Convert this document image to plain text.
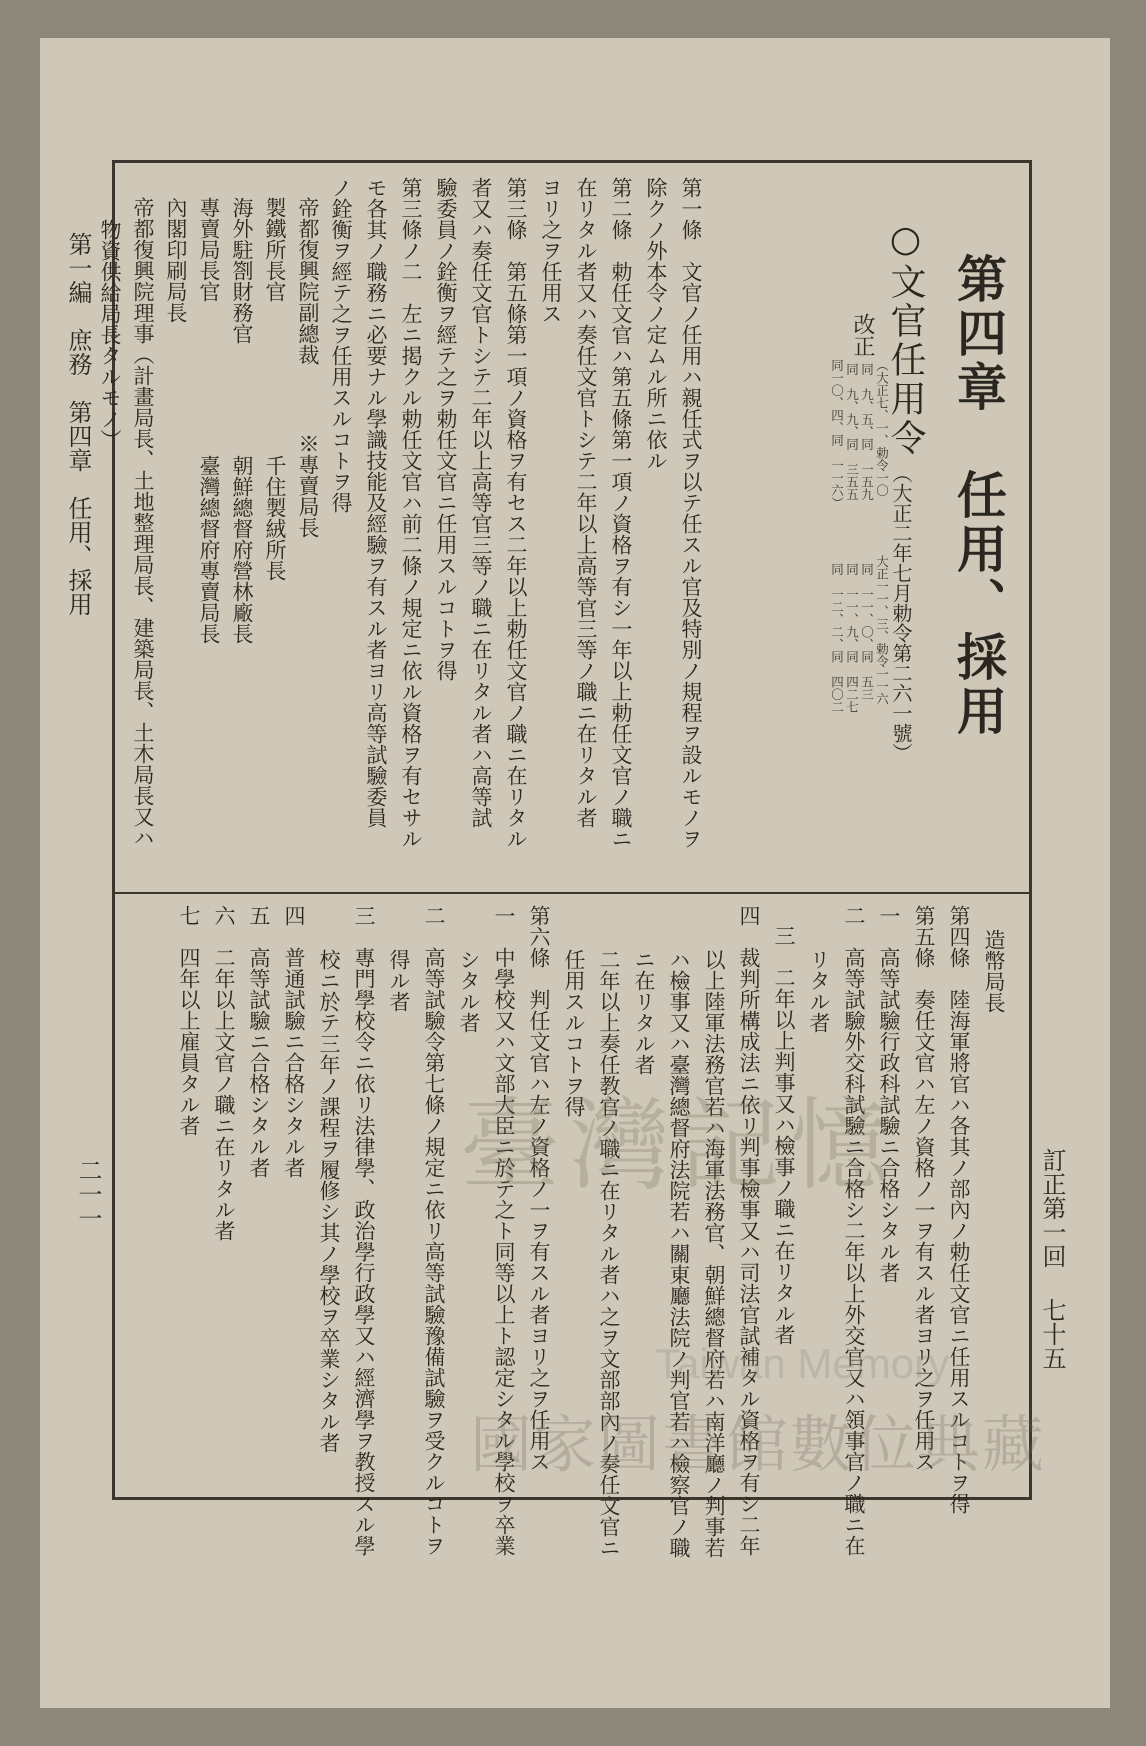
第一編　庶務　第四章　任用、採用
二一一	訂正第一回
七十五
第四章　任用、採用
○文官任用令
（大正二年七月勅令第二六一號）
改正
（大正七、一、勅令一〇
同　九、五、同　一五九
同　九、九、同　三五五
同一〇、四、同　一一六）
大正一一、三、勅令一一六
同　一一、〇、同　五三
同　一一、九、同　四二七
同　一二、二、同　四〇二
第一條　文官ノ任用ハ親任式ヲ以テ任スル官及特別ノ規程ヲ設ルモノヲ
除クノ外本令ノ定ムル所ニ依ル
第二條　勅任文官ハ第五條第一項ノ資格ヲ有シ一年以上勅任文官ノ職ニ
在リタル者又ハ奏任文官トシテ二年以上高等官三等ノ職ニ在リタル者
ヨリ之ヲ任用ス
第三條　第五條第一項ノ資格ヲ有セス二年以上勅任文官ノ職ニ在リタル
者又ハ奏任文官トシテ二年以上高等官三等ノ職ニ在リタル者ハ高等試
驗委員ノ銓衡ヲ經テ之ヲ勅任文官ニ任用スルコトヲ得
第三條ノ二　左ニ掲クル勅任文官ハ前二條ノ規定ニ依ル資格ヲ有セサル
モ各其ノ職務ニ必要ナル學識技能及經驗ヲ有スル者ヨリ高等試驗委員
ノ銓衡ヲ經テ之ヲ任用スルコトヲ得
帝都復興院副總裁
製鐵所長官
海外駐劄財務官
專賣局長官
內閣印刷局長
帝都復興院理事（計畫局長、土地整理局長、建築局長、土木局長又ハ
物資供給局長タルモノ）
※專賣局長
千住製絨所長
朝鮮總督府營林廠長
臺灣總督府專賣局長
造幣局長
第四條　陸海軍將官ハ各其ノ部內ノ勅任文官ニ任用スルコトヲ得
第五條　奏任文官ハ左ノ資格ノ一ヲ有スル者ヨリ之ヲ任用ス
一　高等試驗行政科試驗ニ合格シタル者
二　高等試驗外交科試驗ニ合格シ二年以上外交官又ハ領事官ノ職ニ在
リタル者
三　二年以上判事又ハ檢事ノ職ニ在リタル者
四　裁判所構成法ニ依リ判事檢事又ハ司法官試補タル資格ヲ有シ二年
以上陸軍法務官若ハ海軍法務官、朝鮮總督府若ハ南洋廳ノ判事若
ハ檢事又ハ臺灣總督府法院若ハ關東廳法院ノ判官若ハ檢察官ノ職
ニ在リタル者
二年以上奏任教官ノ職ニ在リタル者ハ之ヲ文部部內ノ奏任文官ニ
任用スルコトヲ得
第六條　判任文官ハ左ノ資格ノ一ヲ有スル者ヨリ之ヲ任用ス
一　中學校又ハ文部大臣ニ於テ之ト同等以上ト認定シタル學校ヲ卒業
シタル者
二　高等試驗令第七條ノ規定ニ依リ高等試驗豫備試驗ヲ受クルコトヲ
得ル者
三　專門學校令ニ依リ法律學、政治學行政學又ハ經濟學ヲ教授スル學
校ニ於テ三年ノ課程ヲ履修シ其ノ學校ヲ卒業シタル者
四　普通試驗ニ合格シタル者
五　高等試驗ニ合格シタル者
六　二年以上文官ノ職ニ在リタル者
七　四年以上雇員タル者
臺灣記憶
Taiwan Memory
國家圖書館數位典藏
